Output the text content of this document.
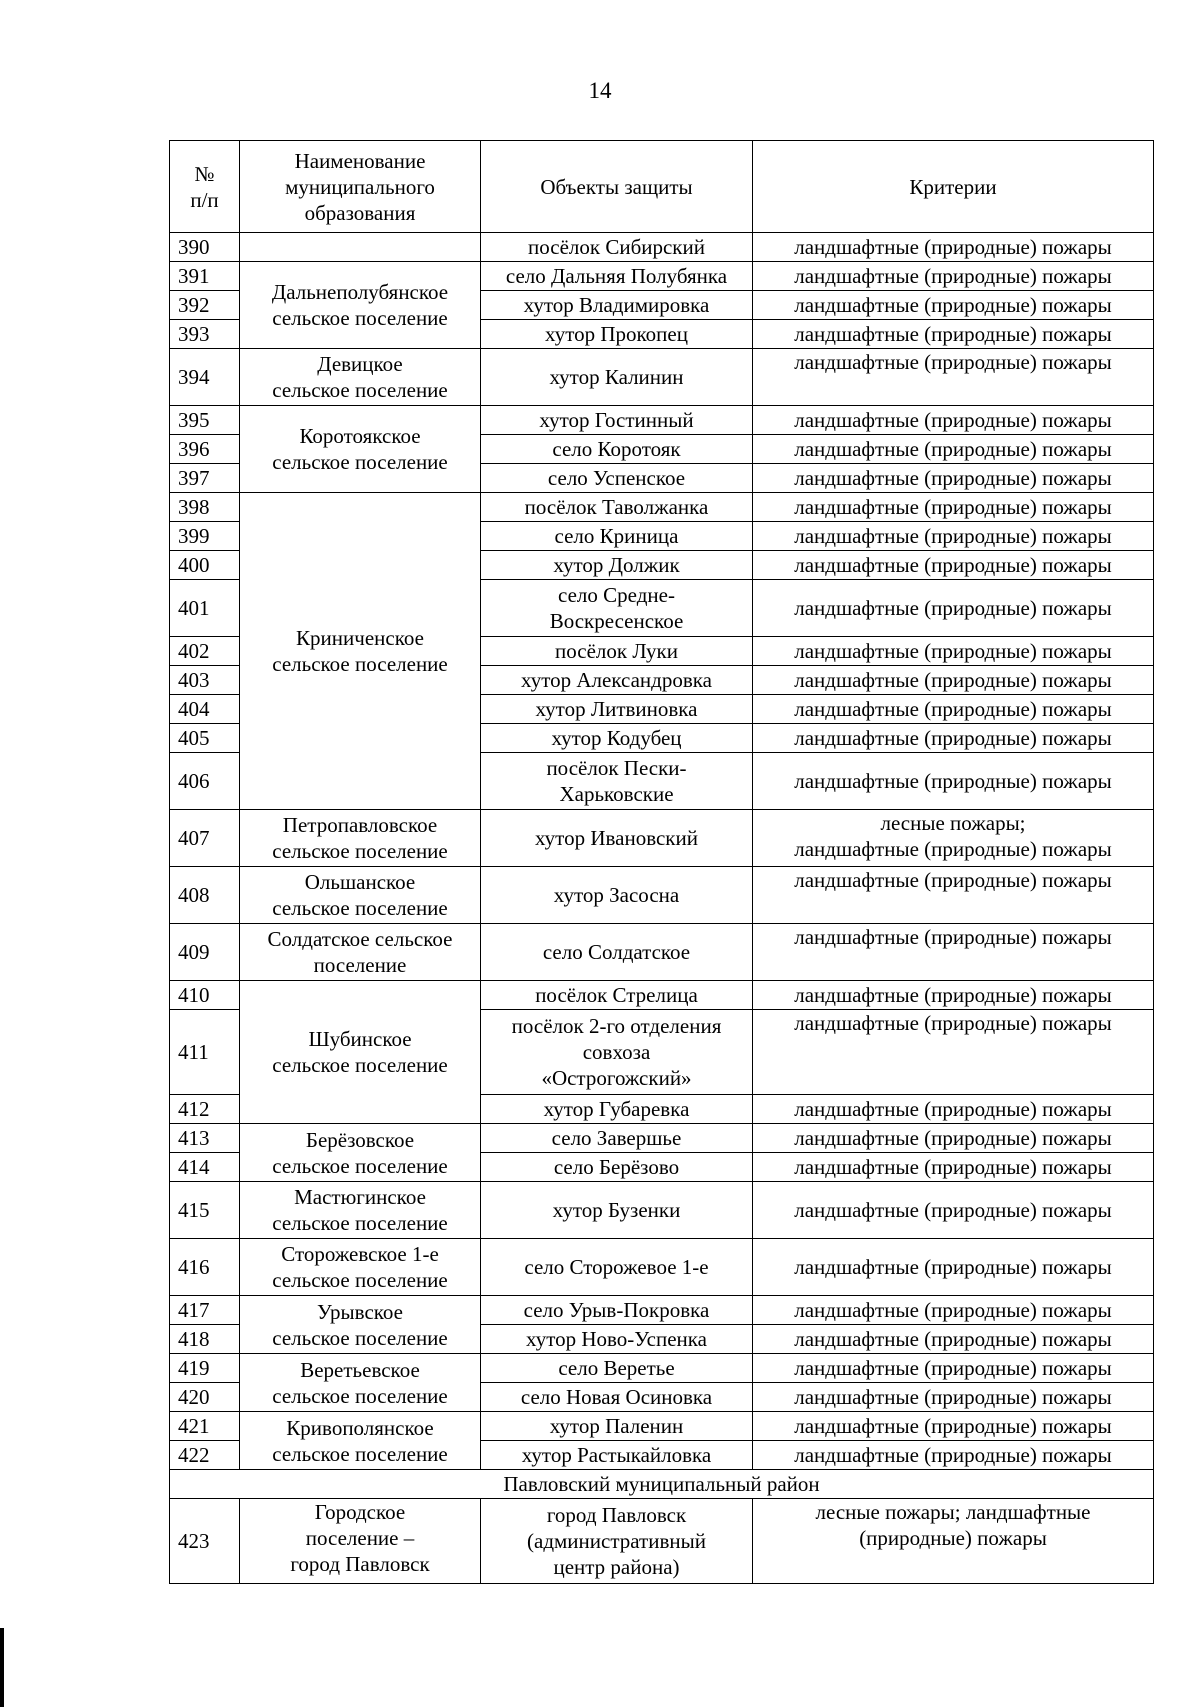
14
№
п/п	Наименование
муниципального
образования	Объекты защиты	Критерии
390		посёлок Сибирский	ландшафтные (природные) пожары
391	Дальнеполубянское
сельское поселение	село Дальняя Полубянка	ландшафтные (природные) пожары
392		хутор Владимировка	ландшафтные (природные) пожары
393		хутор Прокопец	ландшафтные (природные) пожары
394	Девицкое
сельское поселение	хутор Калинин	ландшафтные (природные) пожары
395	Коротоякское
сельское поселение	хутор Гостинный	ландшафтные (природные) пожары
396		село Коротояк	ландшафтные (природные) пожары
397		село Успенское	ландшафтные (природные) пожары
398	Криниченское
сельское поселение	посёлок Таволжанка	ландшафтные (природные) пожары
399		село Криница	ландшафтные (природные) пожары
400		хутор Должик	ландшафтные (природные) пожары
401		село Средне-
Воскресенское	ландшафтные (природные) пожары
402		посёлок Луки	ландшафтные (природные) пожары
403		хутор Александровка	ландшафтные (природные) пожары
404		хутор Литвиновка	ландшафтные (природные) пожары
405		хутор Кодубец	ландшафтные (природные) пожары
406		посёлок Пески-
Харьковские	ландшафтные (природные) пожары
407	Петропавловское
сельское поселение	хутор Ивановский	лесные пожары;
ландшафтные (природные) пожары
408	Ольшанское
сельское поселение	хутор Засосна	ландшафтные (природные) пожары
409	Солдатское сельское
поселение	село Солдатское	ландшафтные (природные) пожары
410	Шубинское
сельское поселение	посёлок Стрелица	ландшафтные (природные) пожары
411		посёлок 2-го отделения
совхоза
«Острогожский»	ландшафтные (природные) пожары
412		хутор Губаревка	ландшафтные (природные) пожары
413	Берёзовское
сельское поселение	село Завершье	ландшафтные (природные) пожары
414		село Берёзово	ландшафтные (природные) пожары
415	Мастюгинское
сельское поселение	хутор Бузенки	ландшафтные (природные) пожары
416	Сторожевское 1-е
сельское поселение	село Сторожевое 1-е	ландшафтные (природные) пожары
417	Урывское
сельское поселение	село Урыв-Покровка	ландшафтные (природные) пожары
418		хутор Ново-Успенка	ландшафтные (природные) пожары
419	Веретьевское
сельское поселение	село Веретье	ландшафтные (природные) пожары
420		село Новая Осиновка	ландшафтные (природные) пожары
421	Кривополянское
сельское поселение	хутор Паленин	ландшафтные (природные) пожары
422		хутор Растыкайловка	ландшафтные (природные) пожары
Павловский муниципальный район			
423	Городское
поселение –
город Павловск	город Павловск
(административный
центр района)	лесные пожары; ландшафтные
(природные) пожары
